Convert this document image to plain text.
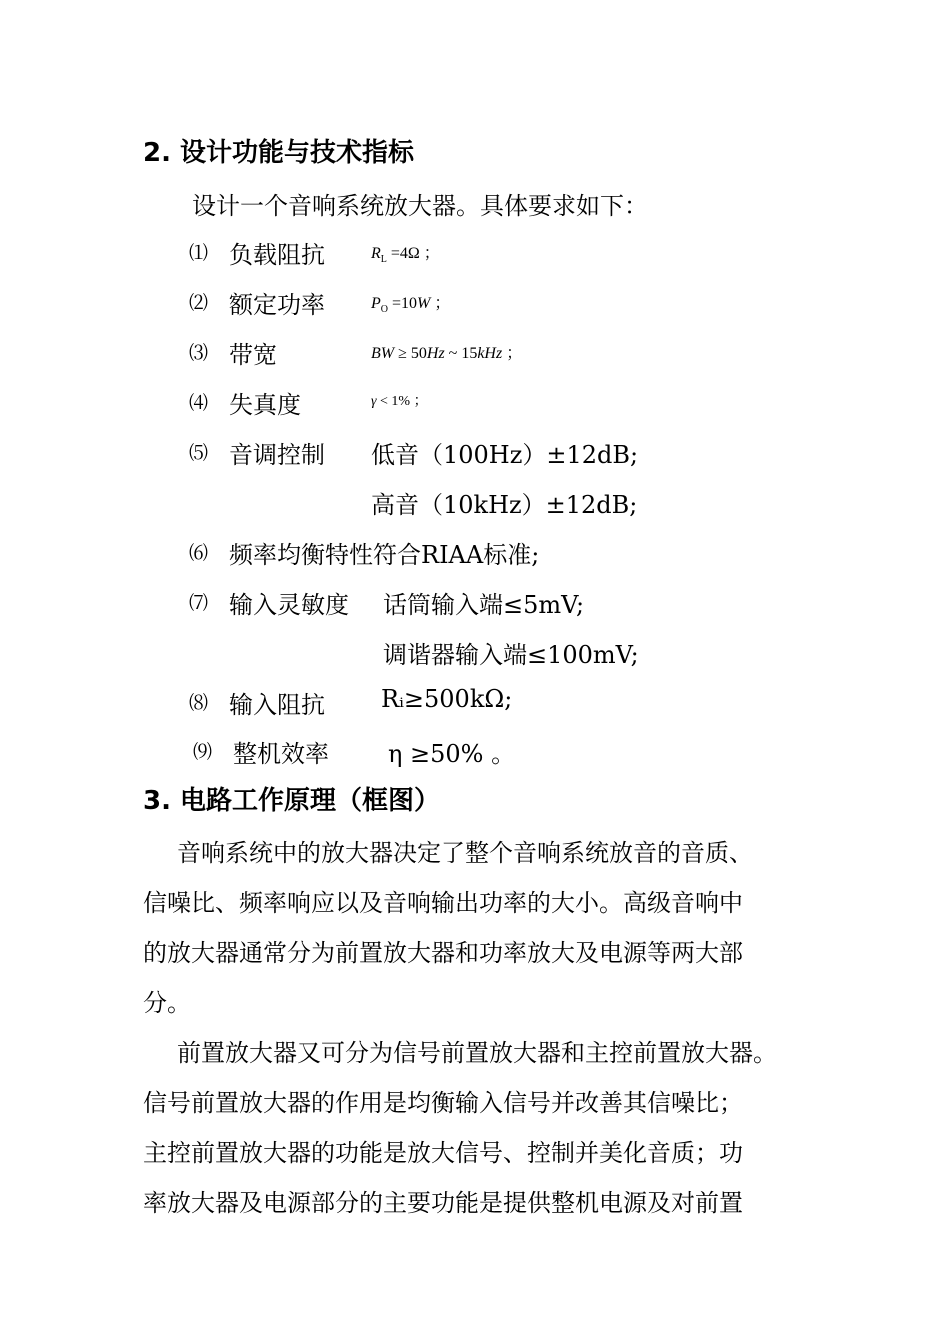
2. 设计功能与技术指标
设计一个音响系统放大器。具体要求如下：
⑴ 负载阻抗	$R_L =4\Omega$ ；
⑵ 额定功率	$P_O =10W$ ；
⑶ 带宽	BW ≥ 50Hz ~ 15kHz ；
⑷ 失真度	γ < 1% ；
⑸ 音调控制 低音（100Hz）±12dB;
高音（10kHz）±12dB;
⑹ 频率均衡特性符合RIAA标准;
⑺ 输入灵敏度 话筒输入端≤5mV;
调谐器输入端≤100mV;
⑻ 输入阻抗 Rᵢ≥500kΩ;
⑼ 整机效率 η ≥50% 。
3. 电路工作原理（框图）
音响系统中的放大器决定了整个音响系统放音的音质、
信噪比、频率响应以及音响输出功率的大小。高级音响中
的放大器通常分为前置放大器和功率放大及电源等两大部
分。
前置放大器又可分为信号前置放大器和主控前置放大器。
信号前置放大器的作用是均衡输入信号并改善其信噪比；
主控前置放大器的功能是放大信号、控制并美化音质；功
率放大器及电源部分的主要功能是提供整机电源及对前置
